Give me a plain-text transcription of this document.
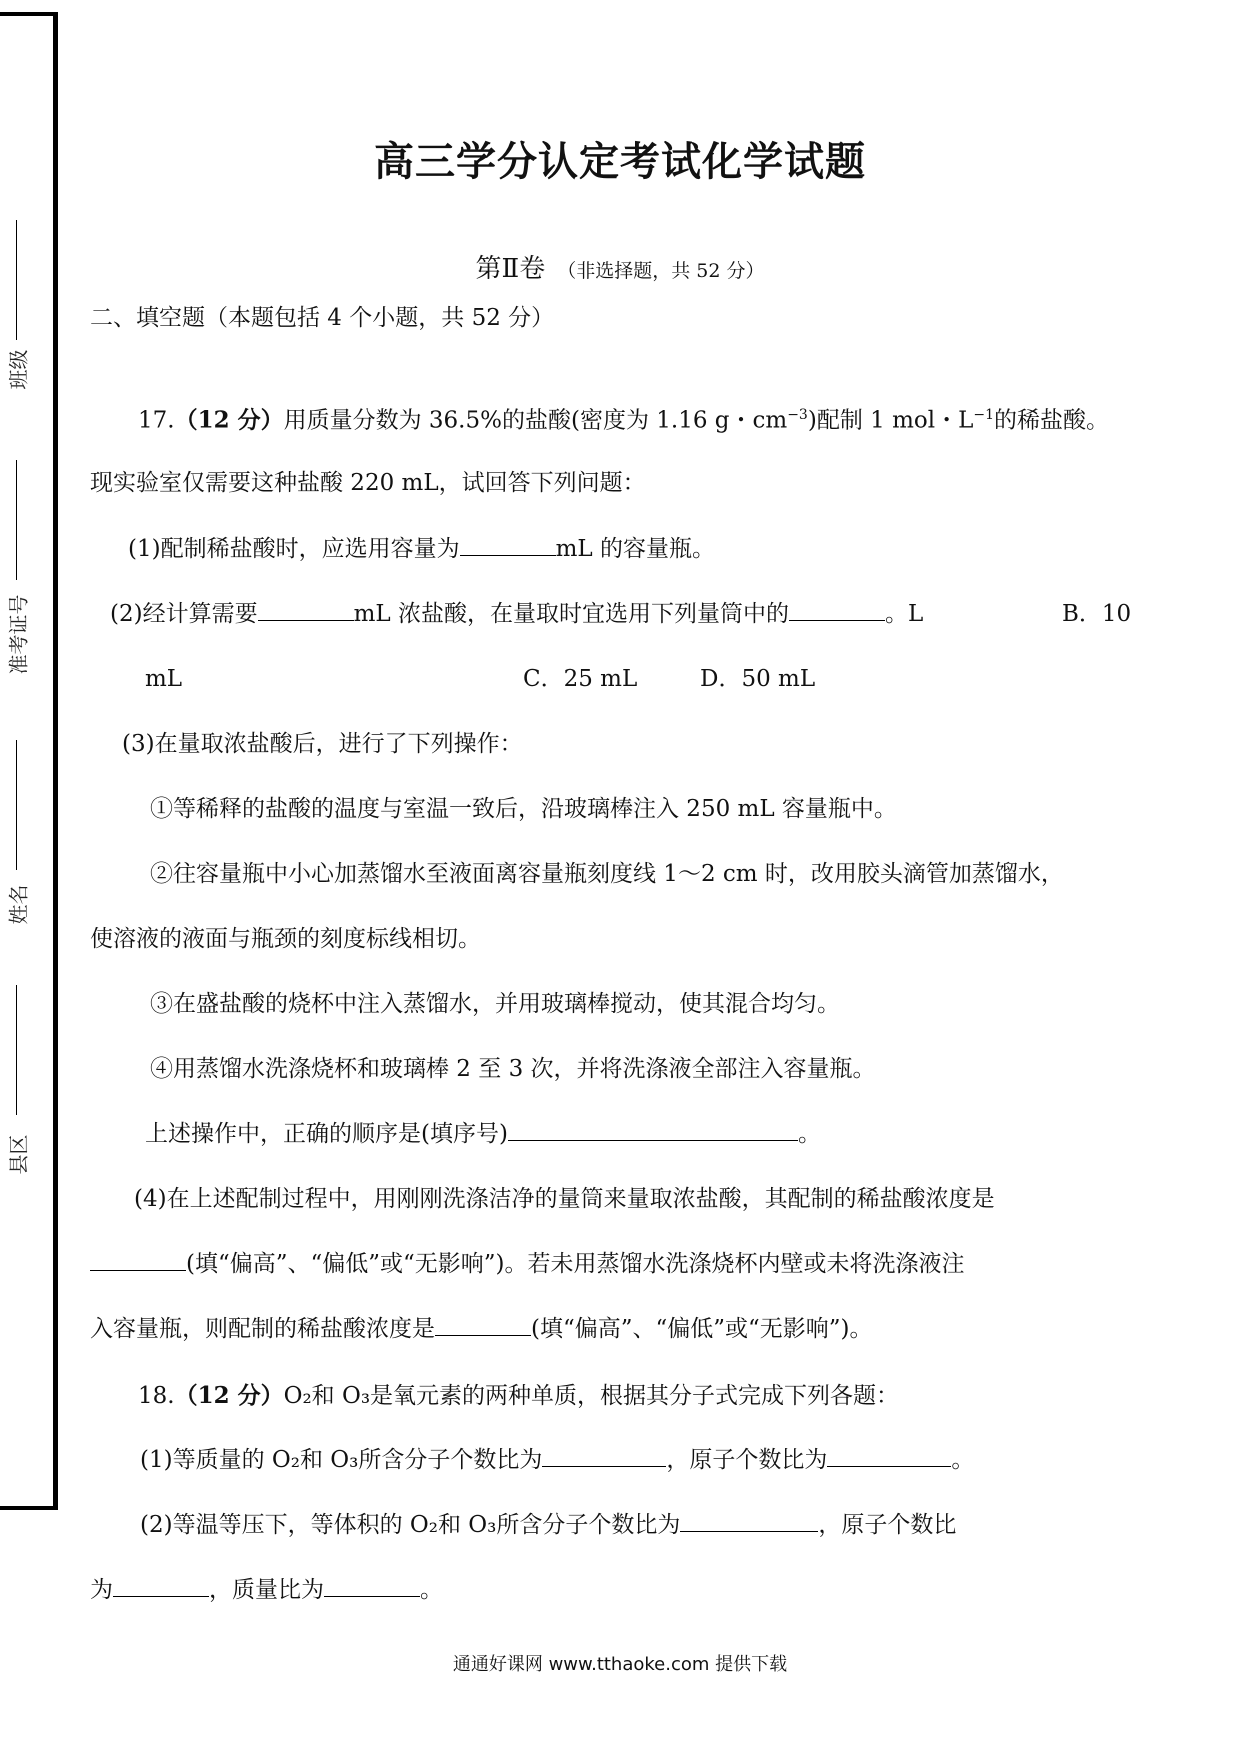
班级
准考证号
姓名
县区
高三学分认定考试化学试题
第Ⅱ卷 （非选择题，共 52 分）
二、填空题（本题包括 4 个小题，共 52 分）
17.（12 分）用质量分数为 36.5%的盐酸(密度为 1.16 g・$cm^{-3}$)配制 1 mol・$L^{-1}$的稀盐酸。
现实验室仅需要这种盐酸 220 mL，试回答下列问题：
(1)配制稀盐酸时，应选用容量为	mL 的容量瓶。
(2)经计算需要	mL 浓盐酸，在量取时宜选用下列量筒中的	。L	B．10
mL	C．25 mL	D．50 mL
(3)在量取浓盐酸后，进行了下列操作：
①等稀释的盐酸的温度与室温一致后，沿玻璃棒注入 250 mL 容量瓶中。
②往容量瓶中小心加蒸馏水至液面离容量瓶刻度线 1～2 cm 时，改用胶头滴管加蒸馏水，
使溶液的液面与瓶颈的刻度标线相切。
③在盛盐酸的烧杯中注入蒸馏水，并用玻璃棒搅动，使其混合均匀。
④用蒸馏水洗涤烧杯和玻璃棒 2 至 3 次，并将洗涤液全部注入容量瓶。
上述操作中，正确的顺序是(填序号)	。
(4)在上述配制过程中，用刚刚洗涤洁净的量筒来量取浓盐酸，其配制的稀盐酸浓度是
(填“偏高”、“偏低”或“无影响”)。若未用蒸馏水洗涤烧杯内壁或未将洗涤液注
入容量瓶，则配制的稀盐酸浓度是	(填“偏高”、“偏低”或“无影响”)。
18.（12 分）O₂和 O₃是氧元素的两种单质，根据其分子式完成下列各题：
(1)等质量的 O₂和 O₃所含分子个数比为	，原子个数比为	。
(2)等温等压下，等体积的 O₂和 O₃所含分子个数比为	，原子个数比
为	，质量比为	。
通通好课网 www.tthaoke.com 提供下载
